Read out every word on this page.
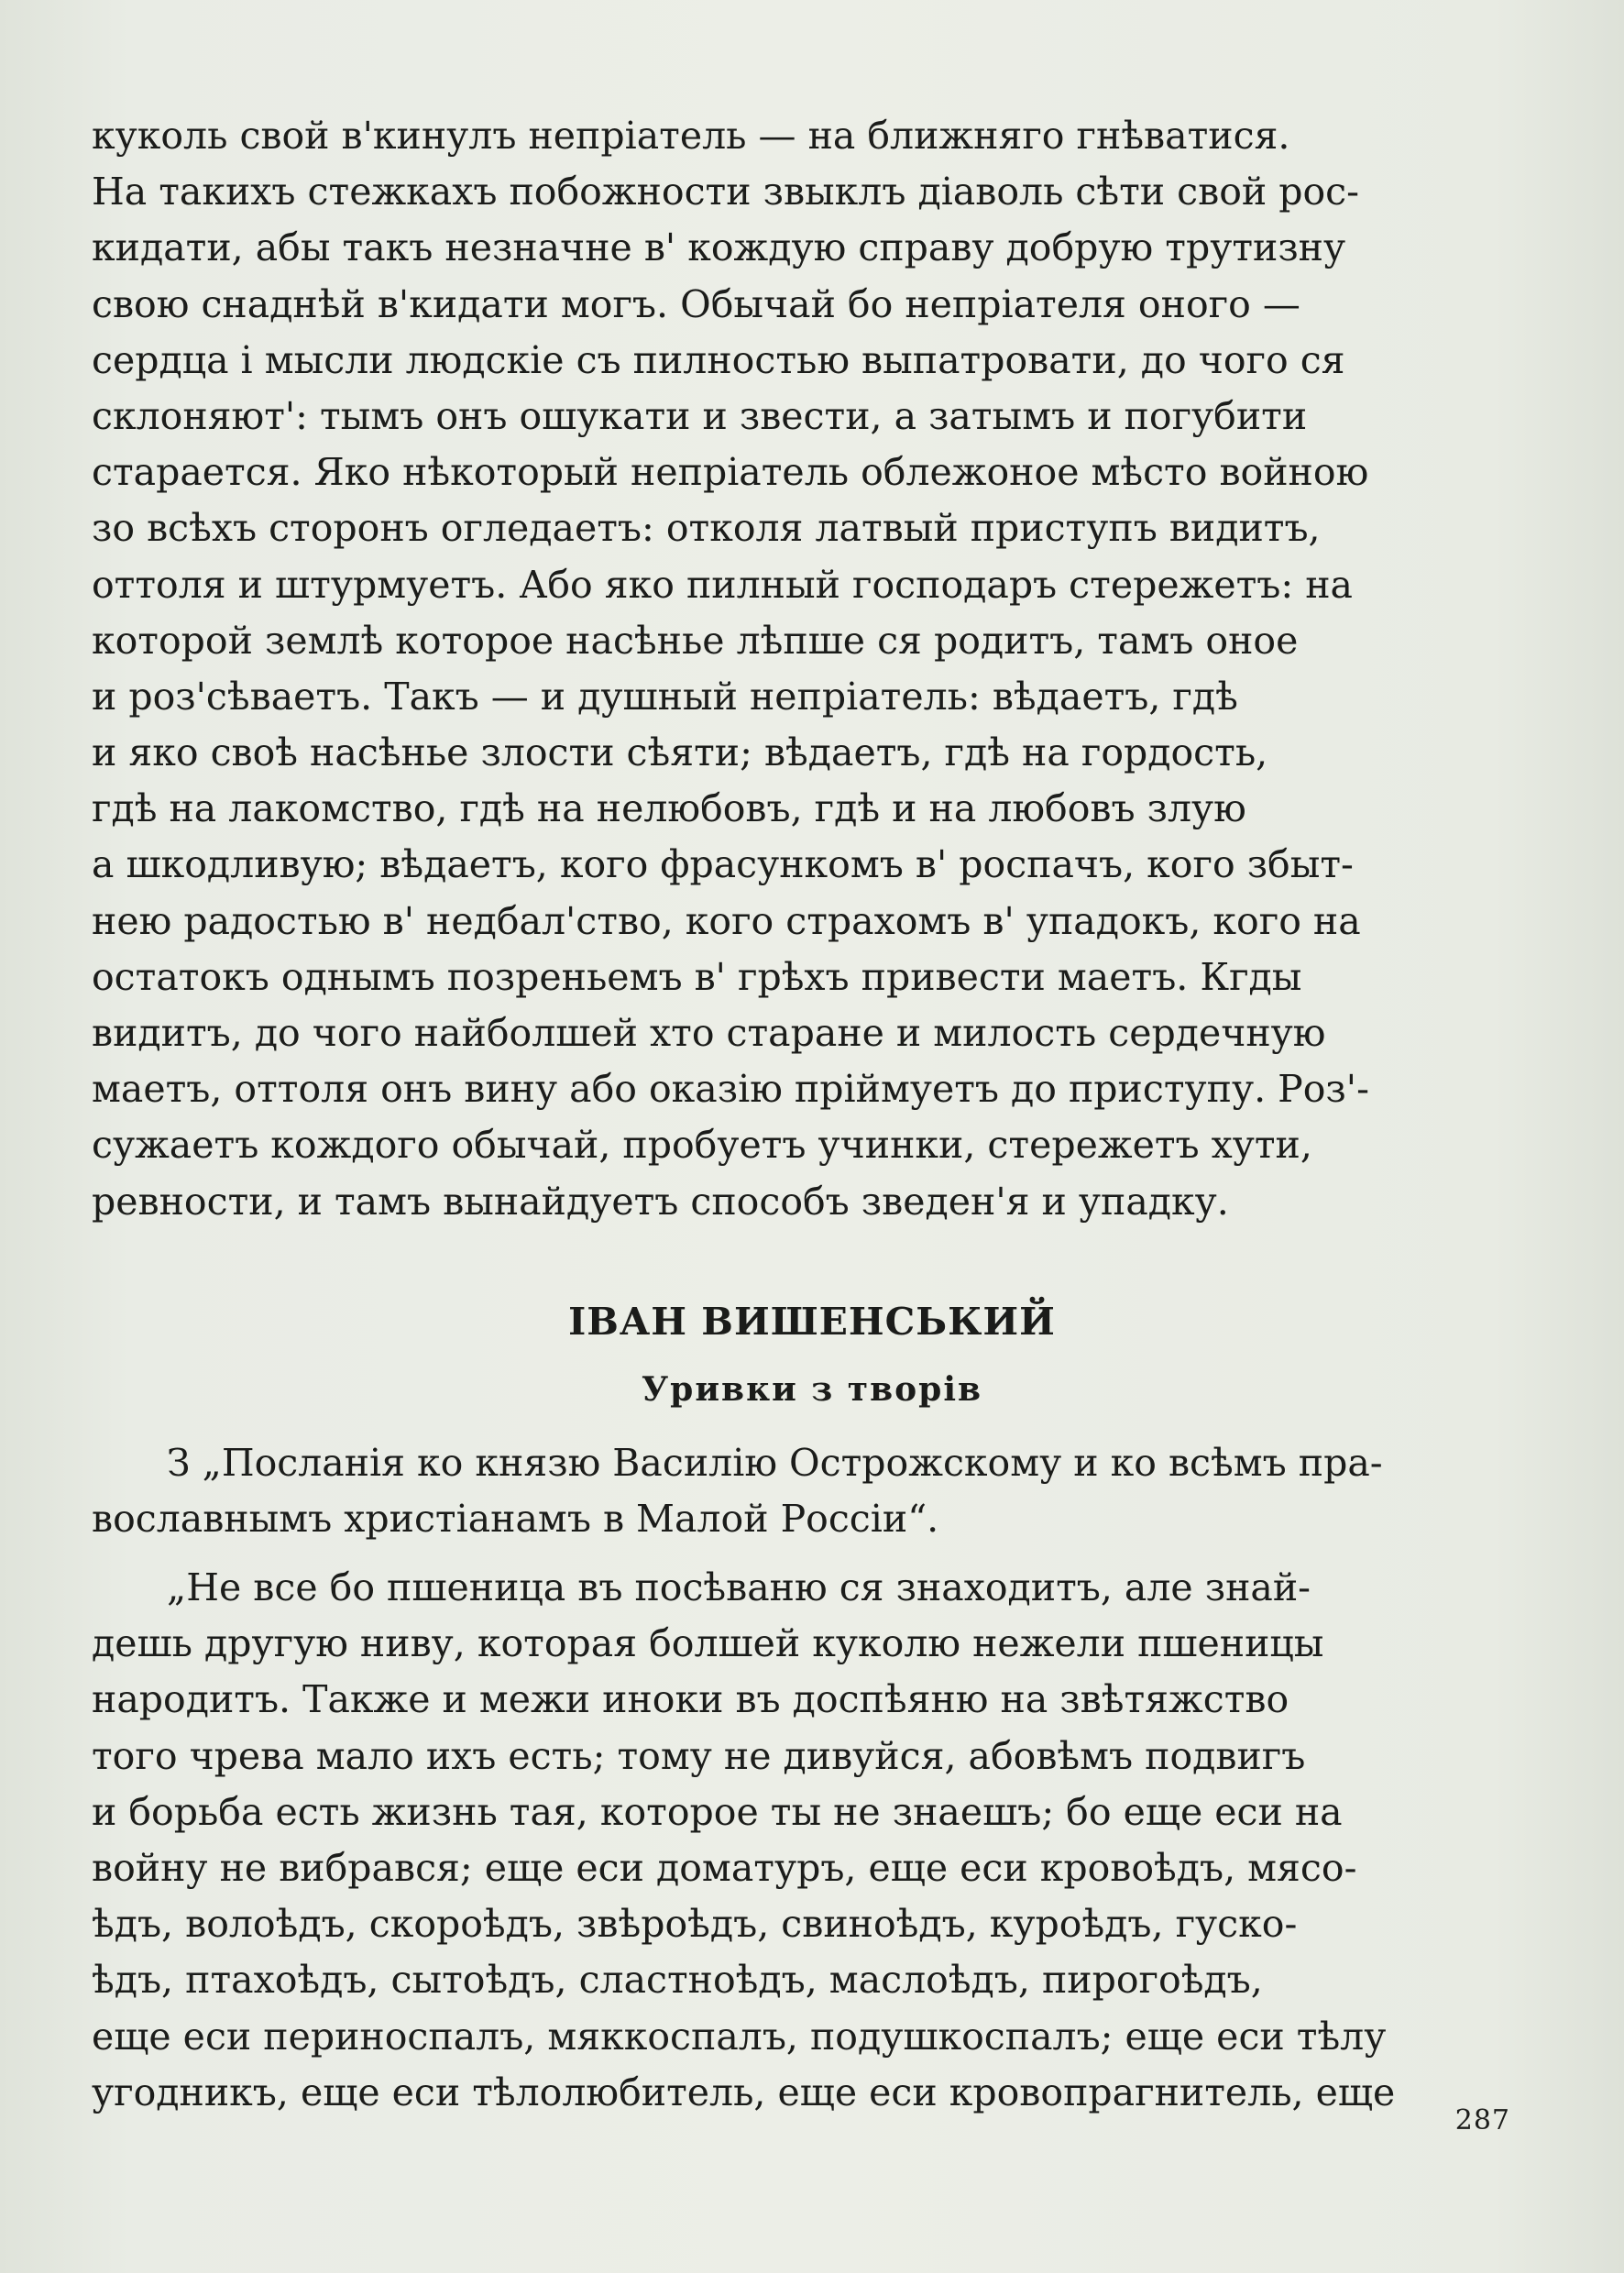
куколь свой в'кинулъ непріатель — на ближняго гнѣватися.
На такихъ стежкахъ побожности звыклъ діаволь сѣти свой рос-
кидати, абы такъ незначне в' кождую справу добрую трутизну
свою снаднѣй в'кидати могъ. Обычай бо непріателя оного —
сердца і мысли людскіе съ пилностью выпатровати, до чого ся
склоняют': тымъ онъ ошукати и звести, а затымъ и погубити
старается. Яко нѣкоторый непріатель облежоное мѣсто войною
зо всѣхъ сторонъ огледаетъ: отколя латвый приступъ видитъ,
оттоля и штурмуетъ. Або яко пилный господаръ стережетъ: на
которой землѣ которое насѣнье лѣпше ся родитъ, тамъ оное
и роз'сѣваетъ. Такъ — и душный непріатель: вѣдаетъ, гдѣ
и яко своѣ насѣнье злости сѣяти; вѣдаетъ, гдѣ на гордость,
гдѣ на лакомство, гдѣ на нелюбовъ, гдѣ и на любовъ злую
а шкодливую; вѣдаетъ, кого фрасункомъ в' роспачъ, кого збыт-
нею радостью в' недбал'ство, кого страхомъ в' упадокъ, кого на
остатокъ однымъ позреньемъ в' грѣхъ привести маетъ. Кгды
видитъ, до чого найболшей хто старане и милость сердечную
маетъ, оттоля онъ вину або оказію пріймуетъ до приступу. Роз'-
сужаетъ кождого обычай, пробуетъ учинки, стережетъ хути,
ревности, и тамъ вынайдуетъ спосoбъ зведен'я и упадку.
ІВАН ВИШЕНСЬКИЙ
Уривки з творів
З „Посланія ко князю Василію Острожскому и ко всѣмъ пра-
вославнымъ христіанамъ в Малой Россіи“.
„Не все бо пшеница въ посѣваню ся знаходитъ, але знай-
дешь другую ниву, которая болшей куколю нежели пшеницы
народитъ. Также и межи иноки въ доспѣяню на звѣтяжство
того чрева мало ихъ есть; тому не дивуйся, абовѣмъ подвигъ
и борьба есть жизнь тая, которое ты не знаешъ; бо еще еси на
войну не вибрався; еще еси доматуръ, еще еси кровоѣдъ, мясо-
ѣдъ, волоѣдъ, скороѣдъ, звѣроѣдъ, свиноѣдъ, куроѣдъ, гуско-
ѣдъ, птахоѣдъ, сытоѣдъ, сластноѣдъ, маслоѣдъ, пирогоѣдъ,
еще еси периноспалъ, мяккоспалъ, подушкоспалъ; еще еси тѣлу
угодникъ, еще еси тѣлолюбитель, еще еси кровопрагнитель, еще
287
